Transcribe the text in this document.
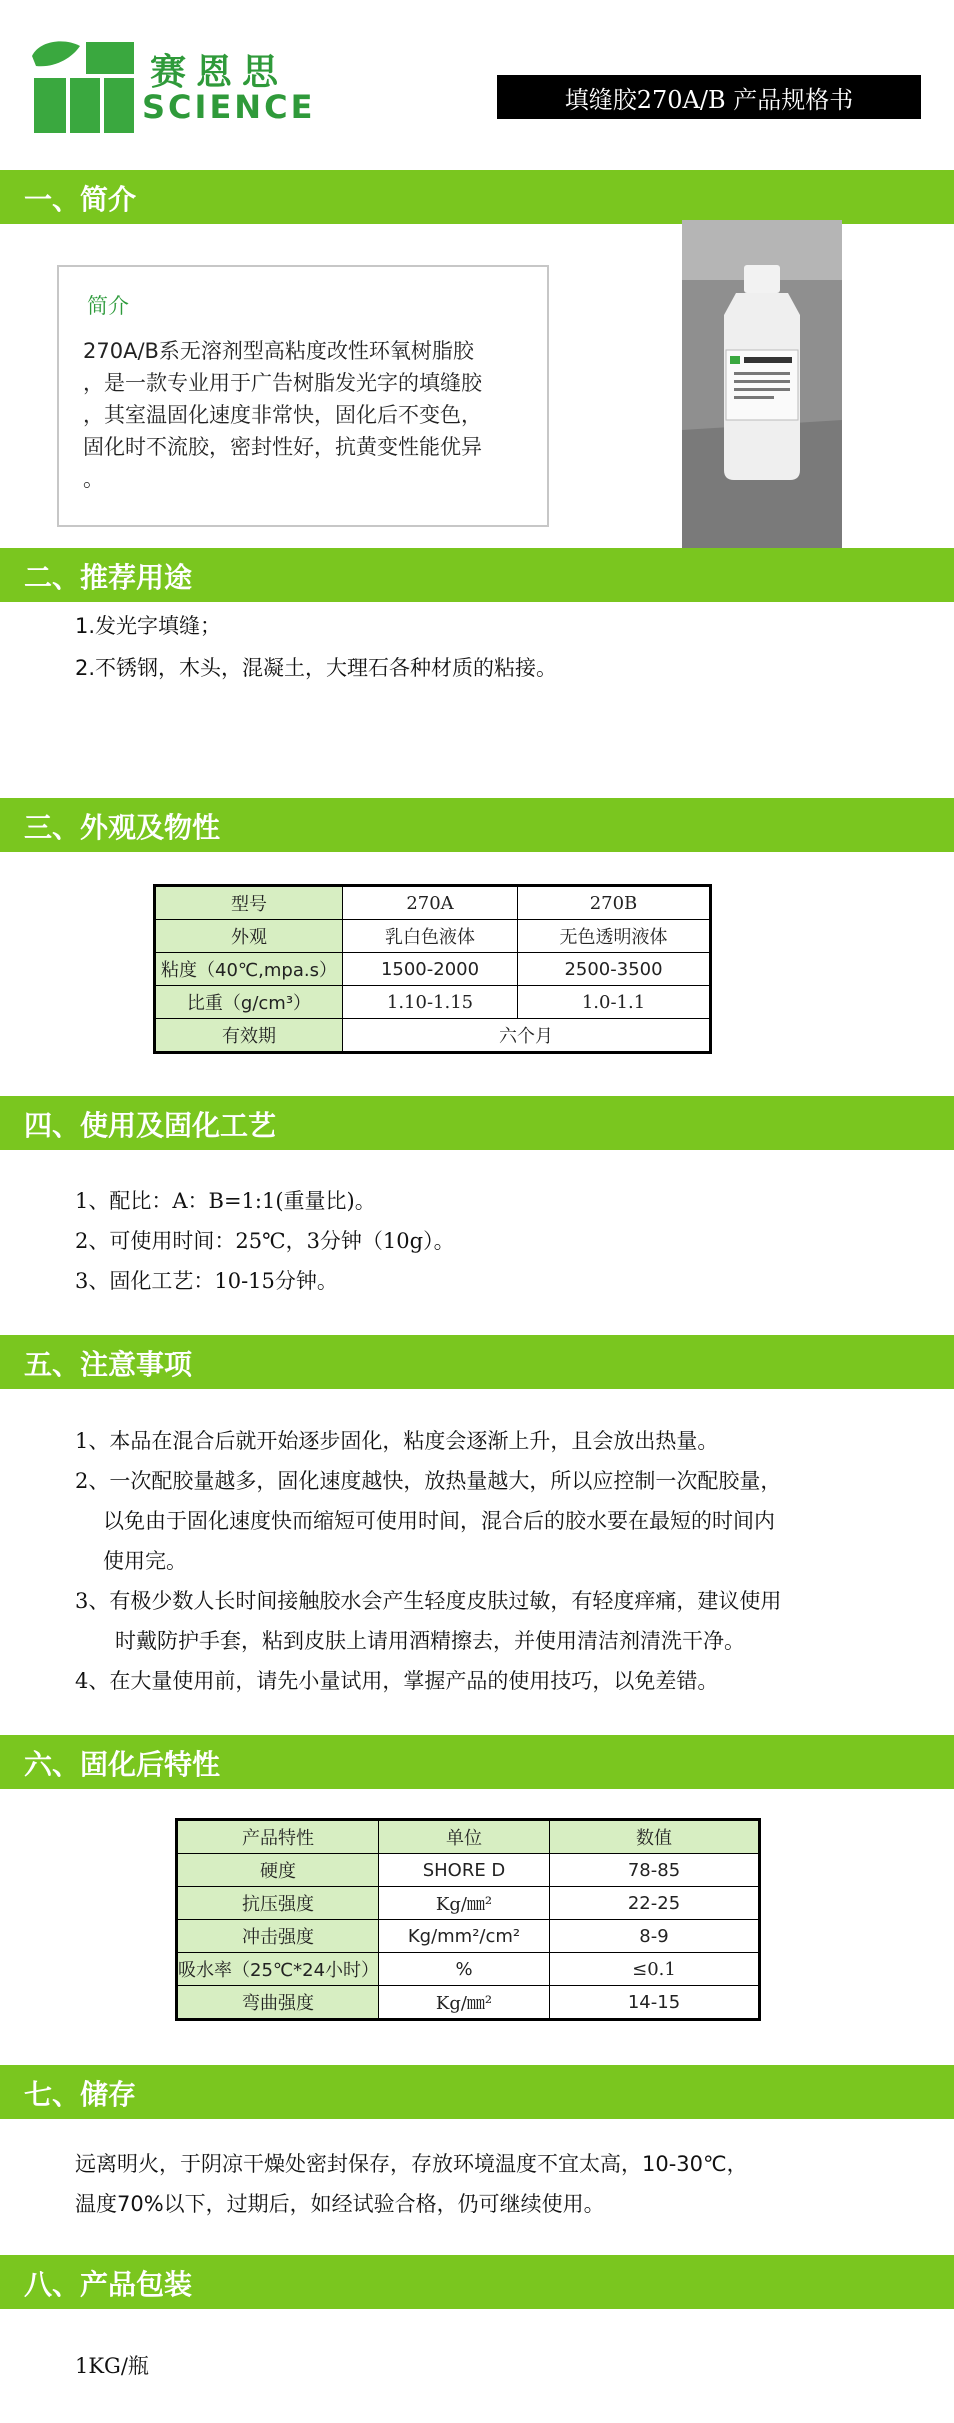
赛恩思
SCIENCE	填缝胶270A/B 产品规格书
一、简介
简介
270A/B系无溶剂型高粘度改性环氧树脂胶
，是一款专业用于广告树脂发光字的填缝胶
，其室温固化速度非常快，固化后不变色，
固化时不流胶，密封性好，抗黄变性能优异
。
二、推荐用途
1.发光字填缝；
2.不锈钢，木头，混凝土，大理石各种材质的粘接。
三、外观及物性
型号	270A	270B
外观	乳白色液体	无色透明液体
粘度（40℃,mpa.s）	1500-2000	2500-3500
比重（g/cm³）	1.10-1.15	1.0-1.1
有效期	六个月	
四、使用及固化工艺
1、配比：A：B=1:1(重量比)。
2、可使用时间：25℃，3分钟（10g）。
3、固化工艺：10-15分钟。
五、注意事项
1、本品在混合后就开始逐步固化，粘度会逐渐上升，且会放出热量。
2、一次配胶量越多，固化速度越快，放热量越大，所以应控制一次配胶量，
以免由于固化速度快而缩短可使用时间，混合后的胶水要在最短的时间内
使用完。
3、有极少数人长时间接触胶水会产生轻度皮肤过敏，有轻度痒痛，建议使用
时戴防护手套，粘到皮肤上请用酒精擦去，并使用清洁剂清洗干净。
4、在大量使用前，请先小量试用，掌握产品的使用技巧，以免差错。
六、固化后特性
产品特性	单位	数值
硬度	SHORE D	78-85
抗压强度	Kg/㎜²	22-25
冲击强度	Kg/mm²/cm²	8-9
吸水率（25℃*24小时）	%	≤0.1
弯曲强度	Kg/㎜²	14-15
七、储存
远离明火，于阴凉干燥处密封保存，存放环境温度不宜太高，10-30℃，
温度70%以下，过期后，如经试验合格，仍可继续使用。
八、产品包装
1KG/瓶
